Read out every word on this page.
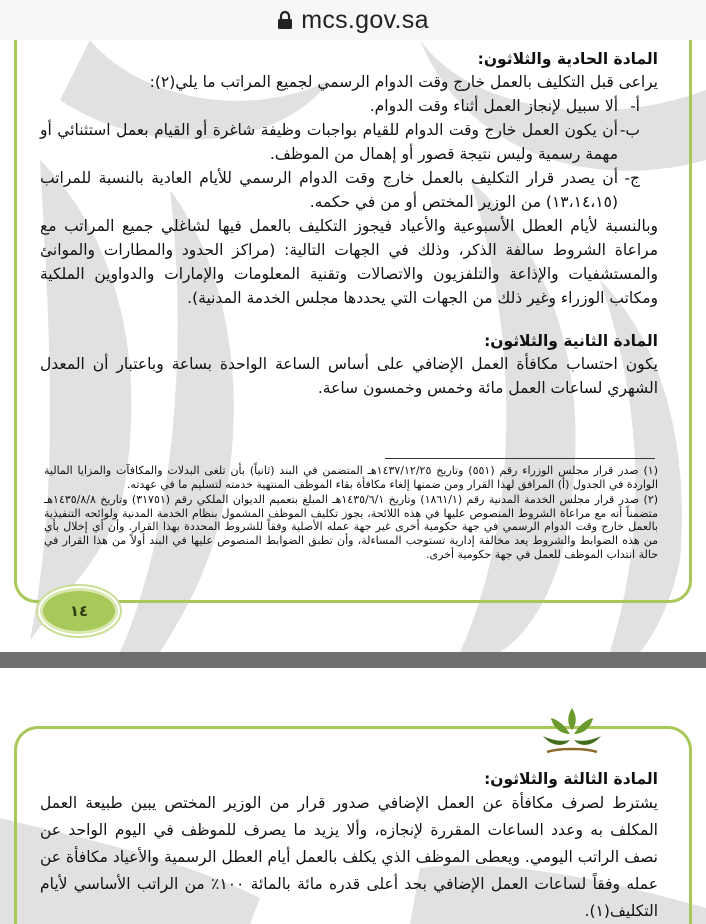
mcs.gov.sa

المادة الحادية والثلاثون:

يراعى قبل التكليف بالعمل خارج وقت الدوام الرسمي لجميع المراتب ما يلي(٢):

أ-
ألا سبيل لإنجاز العمل أثناء وقت الدوام.

ب-
أن يكون العمل خارج وقت الدوام للقيام بواجبات وظيفة شاغرة أو القيام بعمل استثنائي أو مهمة رسمية وليس نتيجة قصور أو إهمال من الموظف.

ج-
أن يصدر قرار التكليف بالعمل خارج وقت الدوام الرسمي للأيام العادية بالنسبة للمراتب (١٣،١٤،١٥) من الوزير المختص أو من في حكمه.

وبالنسبة لأيام العطل الأسبوعية والأعياد فيجوز التكليف بالعمل فيها لشاغلي جميع المراتب مع مراعاة الشروط سالفة الذكر، وذلك في الجهات التالية: (مراكز الحدود والمطارات والموانئ والمستشفيات والإذاعة والتلفزيون والاتصالات وتقنية المعلومات والإمارات والدواوين الملكية ومكاتب الوزراء وغير ذلك من الجهات التي يحددها مجلس الخدمة المدنية).

المادة الثانية والثلاثون:

يكون احتساب مكافأة العمل الإضافي على أساس الساعة الواحدة بساعة وباعتبار أن المعدل الشهري لساعات العمل مائة وخمس وخمسون ساعة.

(١) صدر قرار مجلس الوزراء رقم (٥٥١) وتاريخ ١٤٣٧/١٢/٢٥هـ المتضمن في البند (ثانياً) بأن تلغى البدلات والمكافآت والمزايا المالية الواردة في الجدول (أ) المرافق لهذا القرار ومن ضمنها إلغاء مكافأة بقاء الموظف المنتهية خدمته لتسليم ما في عهدته.

(٢) صدر قرار مجلس الخدمة المدنية رقم (١٨٦١/١) وتاريخ ١٤٣٥/٦/١هـ المبلغ بتعميم الديوان الملكي رقم (٣١٧٥١) وتاريخ ١٤٣٥/٨/٨هـ متضمناً أنه مع مراعاة الشروط المنصوص عليها في هذه اللائحة، يجوز تكليف الموظف المشمول بنظام الخدمة المدنية ولوائحه التنفيذية بالعمل خارج وقت الدوام الرسمي في جهة حكومية أخرى غير جهة عمله الأصلية وفقاً للشروط المحددة بهذا القرار. وأن أي إخلال بأي من هذه الضوابط والشروط يعد مخالفة إدارية تستوجب المساءلة، وأن تطبق الضوابط المنصوص عليها في البند أولاً من هذا القرار في حالة انتداب الموظف للعمل في جهة حكومية أخرى.

١٤

المادة الثالثة والثلاثون:

يشترط لصرف مكافأة عن العمل الإضافي صدور قرار من الوزير المختص يبين طبيعة العمل المكلف به وعدد الساعات المقررة لإنجازه، وألا يزيد ما يصرف للموظف في اليوم الواحد عن نصف الراتب اليومي. ويعطى الموظف الذي يكلف بالعمل أيام العطل الرسمية والأعياد مكافأة عن عمله وفقاً لساعات العمل الإضافي بحد أعلى قدره مائة بالمائة ١٠٠٪ من الراتب الأساسي لأيام التكليف(١).
